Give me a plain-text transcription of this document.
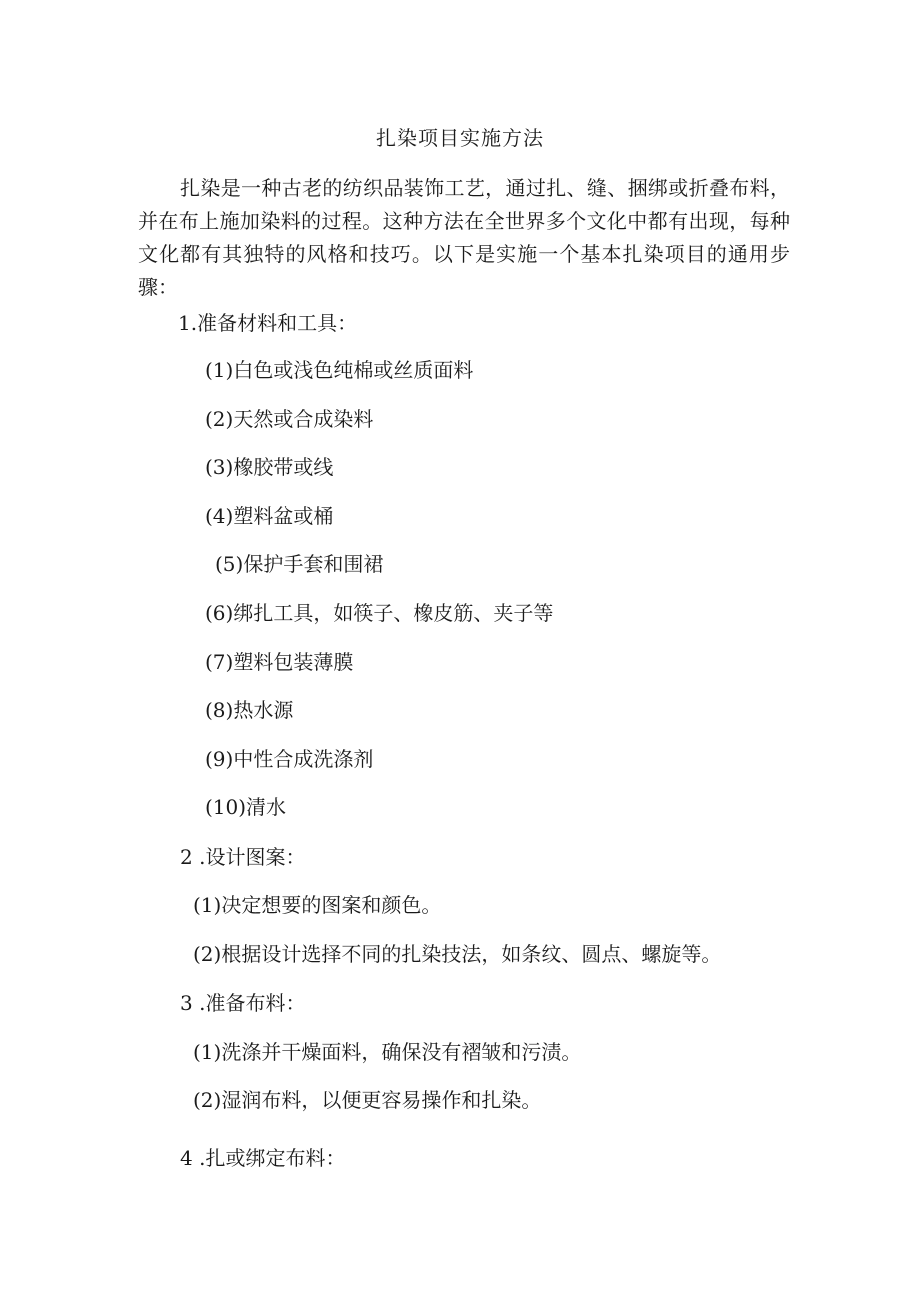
扎染项目实施方法

扎染是一种古老的纺织品装饰工艺，通过扎、缝、捆绑或折叠布料，并在布上施加染料的过程。这种方法在全世界多个文化中都有出现，每种文化都有其独特的风格和技巧。以下是实施一个基本扎染项目的通用步骤：

1.准备材料和工具：
(1)白色或浅色纯棉或丝质面料
(2)天然或合成染料
(3)橡胶带或线
(4)塑料盆或桶
(5)保护手套和围裙
(6)绑扎工具，如筷子、橡皮筋、夹子等
(7)塑料包装薄膜
(8)热水源
(9)中性合成洗涤剂
(10)清水
2 .设计图案：
(1)决定想要的图案和颜色。
(2)根据设计选择不同的扎染技法，如条纹、圆点、螺旋等。
3 .准备布料：
(1)洗涤并干燥面料，确保没有褶皱和污渍。
(2)湿润布料，以便更容易操作和扎染。
4 .扎或绑定布料：
